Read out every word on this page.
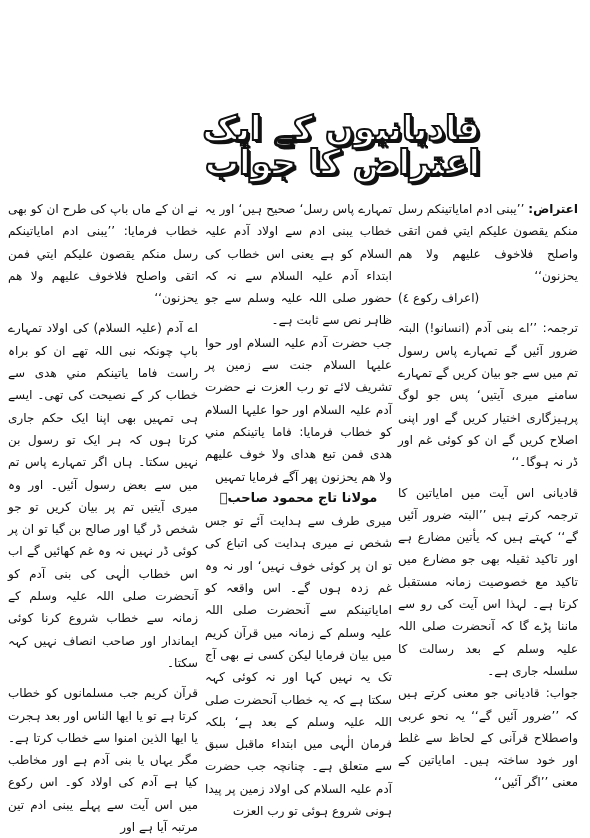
قادیانیوں کے ایک اعتراض کا جواب

اعتراض: ’’یبنی ادم اماياتينكم رسل منكم يقصون عليكم ايتي فمن اتقى واصلح فلاخوف عليهم ولا هم يحزنون‘‘

(اعراف رکوع ٤)

ترجمہ: ’’اے بنی آدم (انسانو!) البتہ ضرور آئیں گے تمہارے پاس رسول تم میں سے جو بیان کریں گے تمہارے سامنے میری آیتیں‘ پس جو لوگ پرہیزگاری اختیار کریں گے اور اپنی اصلاح کریں گے ان کو کوئی غم اور ڈر نہ ہوگا۔‘‘

قادیانی اس آیت میں اماياتين کا ترجمہ کرتے ہیں ’’البتہ ضرور آئیں گے‘‘ کہتے ہیں کہ يأتين مضارع ہے اور تاکید ثقیلہ بھی جو مضارع میں تاکید مع خصوصیت زمانہ مستقبل کرتا ہے۔ لہذا اس آیت کی رو سے ماننا پڑے گا کہ آنحضرت صلی اللہ علیہ وسلم کے بعد رسالت کا سلسلہ جاری ہے۔

جواب: قادیانی جو معنی کرتے ہیں کہ ’’ضرور آئیں گے‘‘ یہ نحو عربی واصطلاح قرآنی کے لحاظ سے غلط اور خود ساختہ ہیں۔ اماياتين کے معنی ’’اگر آئیں‘‘

تمہارے پاس رسل‘ صحیح ہیں‘ اور یہ خطاب یبنی ادم سے اولاد آدم علیہ السلام کو ہے یعنی اس خطاب کی ابتداء آدم علیہ السلام سے نہ کہ حضور صلی اللہ علیہ وسلم سے جو ظاہر نص سے ثابت ہے۔

جب حضرت آدم علیہ السلام اور حوا علیہا السلام جنت سے زمین پر تشریف لائے تو رب العزت نے حضرت آدم علیہ السلام اور حوا علیہا السلام کو خطاب فرمایا: فاما ياتينكم مني هدى فمن تبع هداى ولا خوف عليهم ولا هم يحزنون پھر آگے فرمایا تمہیں

مولانا تاج محمود صاحبؒ

میری طرف سے ہدایت آئے تو جس شخص نے میری ہدایت کی اتباع کی تو ان پر کوئی خوف نہیں‘ اور نہ وہ غم زدہ ہوں گے۔ اس واقعہ کو اماياتينكم سے آنحضرت صلی اللہ علیہ وسلم کے زمانہ میں قرآن کریم میں بیان فرمایا لیکن کسی نے بھی آج تک یہ نہیں کہا اور نہ کوئی کہہ سکتا ہے کہ یہ خطاب آنحضرت صلی اللہ علیہ وسلم کے بعد ہے‘ بلکہ فرمان الٰہی میں ابتداء ماقبل سبق سے متعلق ہے۔ چنانچہ جب حضرت آدم علیہ السلام کی اولاد زمین پر پیدا ہونی شروع ہوئی تو رب العزت

نے ان کے ماں باپ کی طرح ان کو بھی خطاب فرمایا: ’’يبنى ادم اماياتينكم رسل منكم يقصون عليكم ايتي فمن اتقى واصلح فلاخوف عليهم ولا هم يحزنون‘‘

اے آدم (علیہ السلام) کی اولاد تمہارے باپ چونکہ نبی اللہ تھے ان کو براہ راست فاما ياتينكم مني هدى سے خطاب کر کے نصیحت کی تھی۔ ایسے ہی تمہیں بھی اپنا ایک حکم جاری کرتا ہوں کہ ہر ایک تو رسول بن نہیں سکتا۔ ہاں اگر تمہارے پاس تم میں سے بعض رسول آئیں۔ اور وہ میری آیتیں تم پر بیان کریں تو جو شخص ڈر گیا اور صالح بن گیا تو ان پر کوئی ڈر نہیں نہ وہ غم کھائیں گے اب اس خطاب الٰہی کی بنی آدم کو آنحضرت صلی اللہ علیہ وسلم کے زمانہ سے خطاب شروع کرنا کوئی ایماندار اور صاحب انصاف نہیں کہہ سکتا۔

قرآن کریم جب مسلمانوں کو خطاب کرتا ہے تو يا ايها الناس اور بعد ہجرت يا ايها الذين امنوا سے خطاب کرتا ہے۔ مگر یہاں یا بنی آدم ہے اور مخاطب کیا ہے آدم کی اولاد کو۔ اس رکوع میں اس آیت سے پہلے یبنی ادم تین مرتبہ آیا ہے اور
